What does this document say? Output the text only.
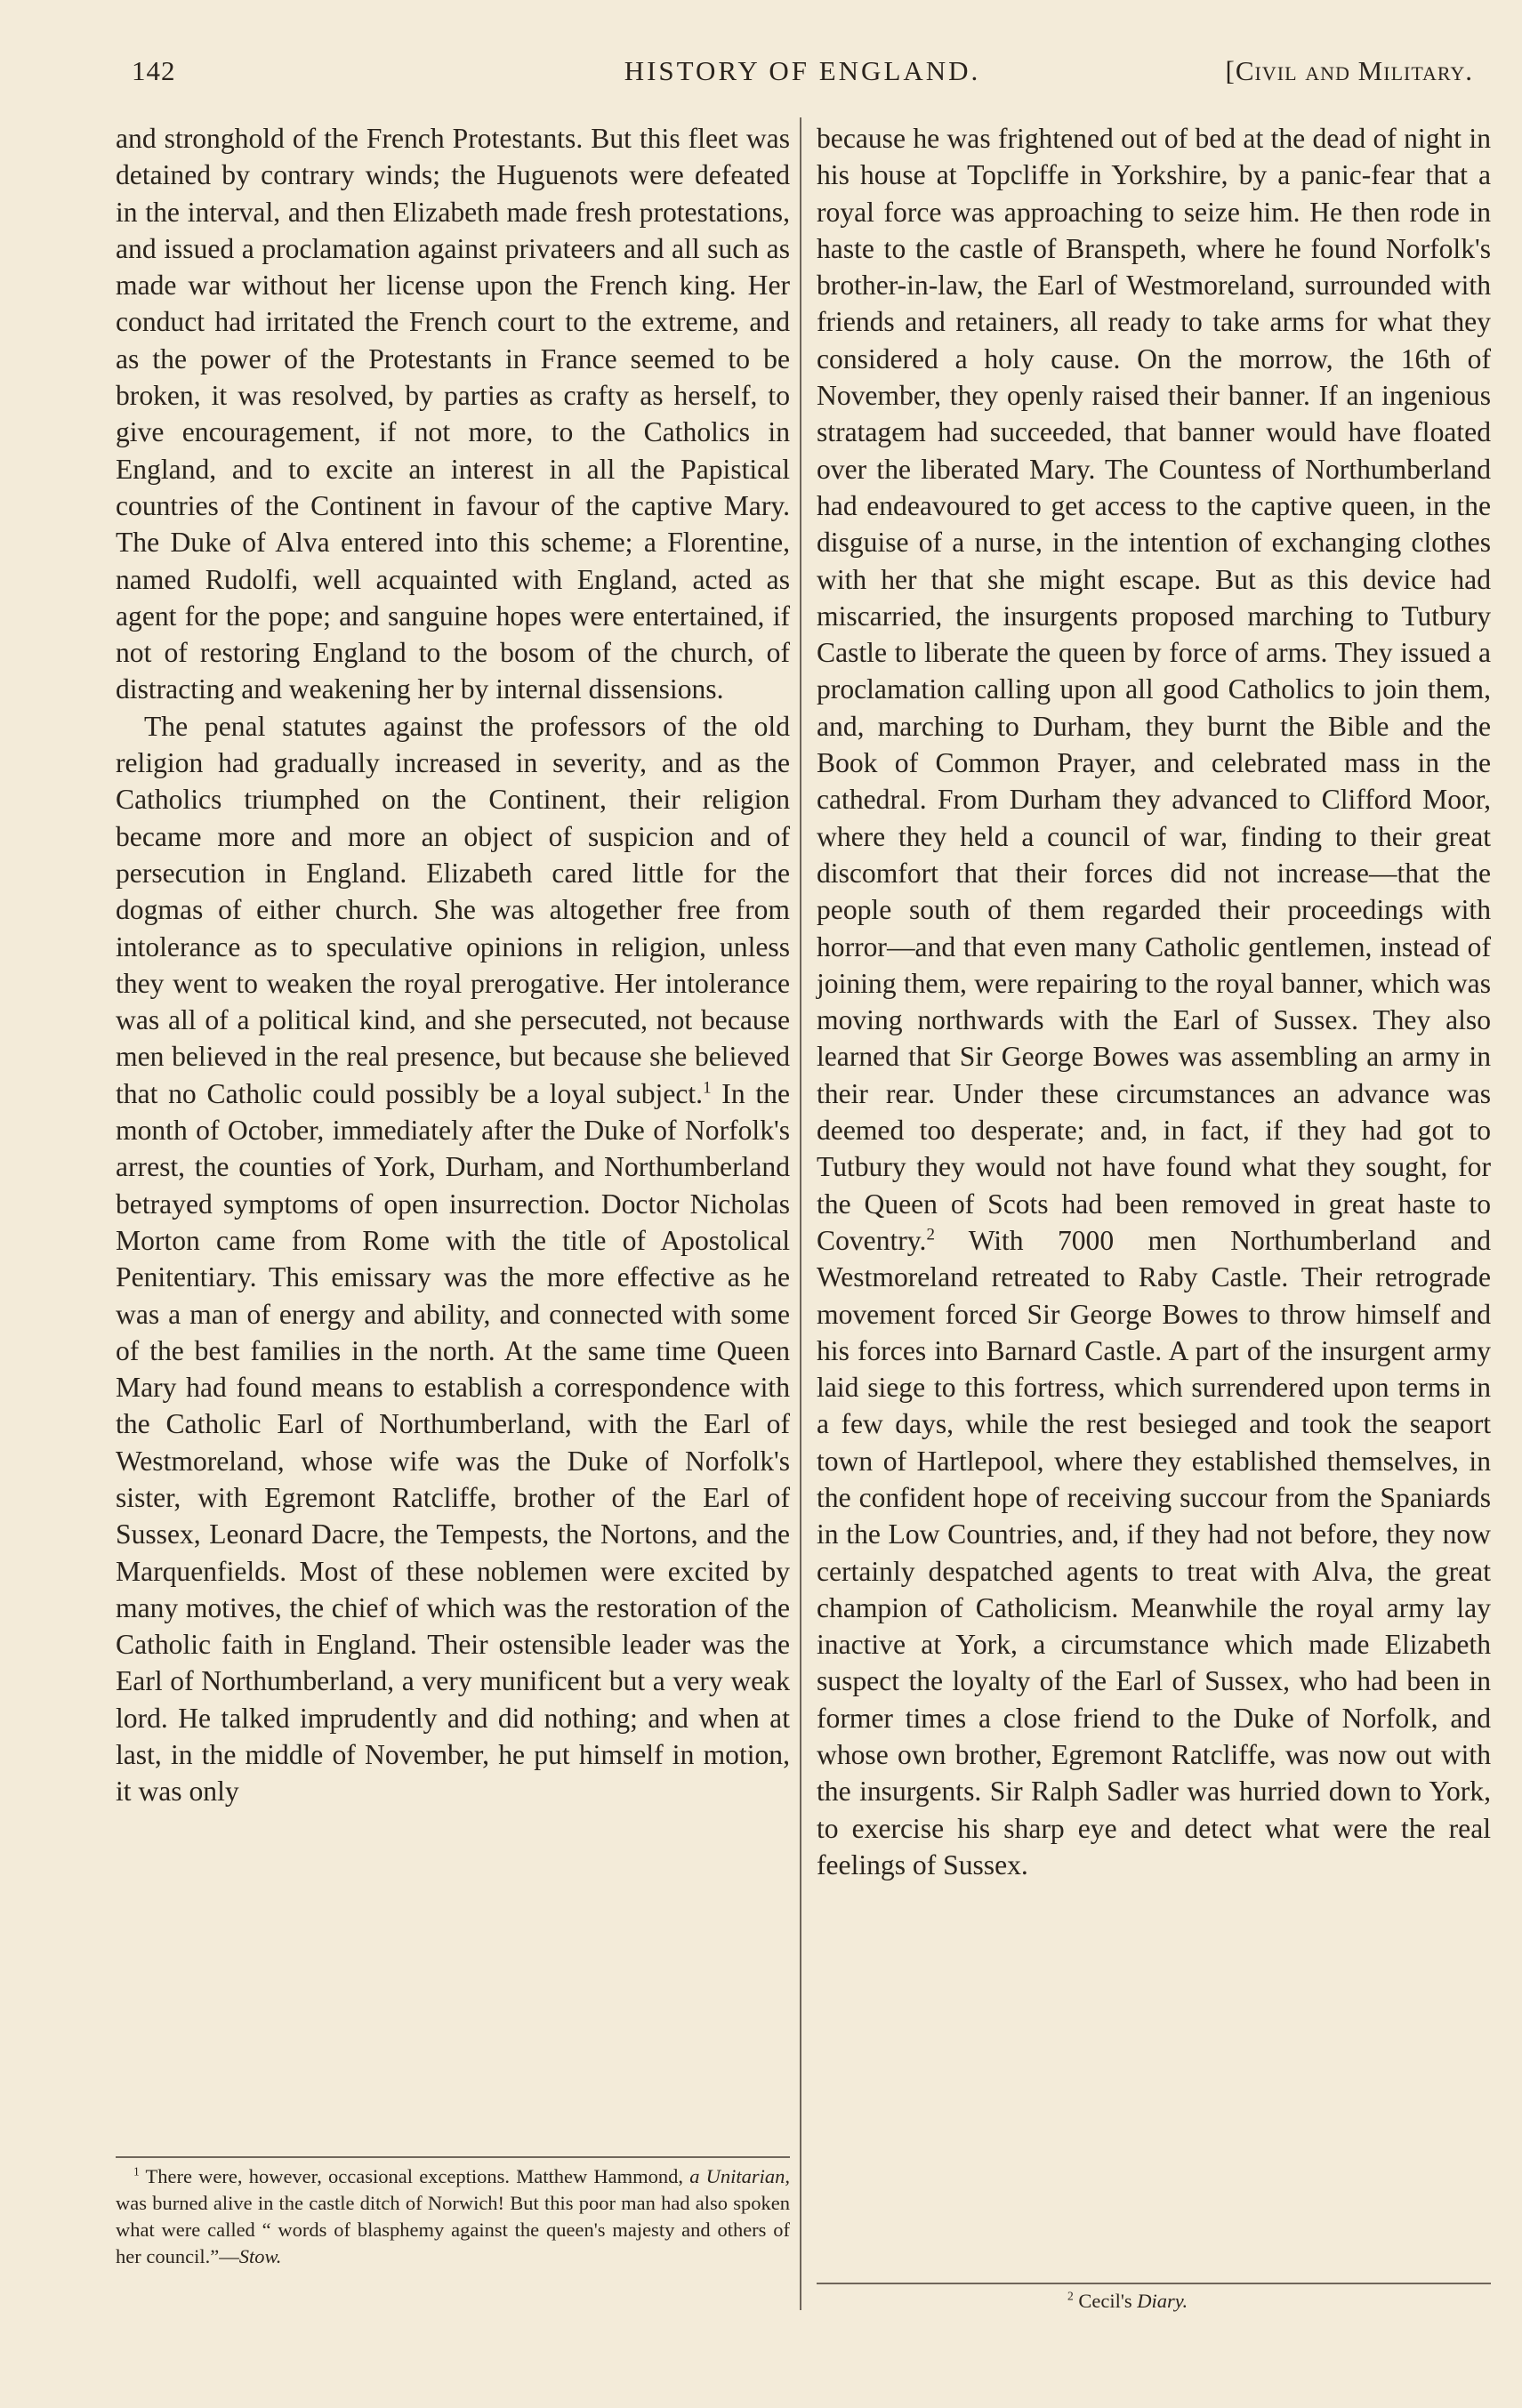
142	HISTORY OF ENGLAND.	[Civil and Military.

and stronghold of the French Protestants. But this fleet was detained by contrary winds; the Huguenots were defeated in the interval, and then Elizabeth made fresh protestations, and issued a proclamation against privateers and all such as made war without her license upon the French king. Her conduct had irritated the French court to the extreme, and as the power of the Protestants in France seemed to be broken, it was resolved, by parties as crafty as herself, to give encouragement, if not more, to the Catholics in England, and to excite an interest in all the Papistical countries of the Continent in favour of the captive Mary. The Duke of Alva entered into this scheme; a Florentine, named Rudolfi, well acquainted with England, acted as agent for the pope; and sanguine hopes were entertained, if not of restoring England to the bosom of the church, of distracting and weakening her by internal dissensions.

The penal statutes against the professors of the old religion had gradually increased in severity, and as the Catholics triumphed on the Continent, their religion became more and more an object of suspicion and of persecution in England. Elizabeth cared little for the dogmas of either church. She was altogether free from intolerance as to speculative opinions in religion, unless they went to weaken the royal prerogative. Her intolerance was all of a political kind, and she persecuted, not because men believed in the real presence, but because she believed that no Catholic could possibly be a loyal subject.$^1$ In the month of October, immediately after the Duke of Norfolk's arrest, the counties of York, Durham, and Northumberland betrayed symptoms of open insurrection. Doctor Nicholas Morton came from Rome with the title of Apostolical Penitentiary. This emissary was the more effective as he was a man of energy and ability, and connected with some of the best families in the north. At the same time Queen Mary had found means to establish a correspondence with the Catholic Earl of Northumberland, with the Earl of Westmoreland, whose wife was the Duke of Norfolk's sister, with Egremont Ratcliffe, brother of the Earl of Sussex, Leonard Dacre, the Tempests, the Nortons, and the Marquenfields. Most of these noblemen were excited by many motives, the chief of which was the restoration of the Catholic faith in England. Their ostensible leader was the Earl of Northumberland, a very munificent but a very weak lord. He talked imprudently and did nothing; and when at last, in the middle of November, he put himself in motion, it was only

because he was frightened out of bed at the dead of night in his house at Topcliffe in Yorkshire, by a panic-fear that a royal force was approaching to seize him. He then rode in haste to the castle of Branspeth, where he found Norfolk's brother-in-law, the Earl of Westmoreland, surrounded with friends and retainers, all ready to take arms for what they considered a holy cause. On the morrow, the 16th of November, they openly raised their banner. If an ingenious stratagem had succeeded, that banner would have floated over the liberated Mary. The Countess of Northumberland had endeavoured to get access to the captive queen, in the disguise of a nurse, in the intention of exchanging clothes with her that she might escape. But as this device had miscarried, the insurgents proposed marching to Tutbury Castle to liberate the queen by force of arms. They issued a proclamation calling upon all good Catholics to join them, and, marching to Durham, they burnt the Bible and the Book of Common Prayer, and celebrated mass in the cathedral. From Durham they advanced to Clifford Moor, where they held a council of war, finding to their great discomfort that their forces did not increase—that the people south of them regarded their proceedings with horror—and that even many Catholic gentlemen, instead of joining them, were repairing to the royal banner, which was moving northwards with the Earl of Sussex. They also learned that Sir George Bowes was assembling an army in their rear. Under these circumstances an advance was deemed too desperate; and, in fact, if they had got to Tutbury they would not have found what they sought, for the Queen of Scots had been removed in great haste to Coventry.$^2$ With 7000 men Northumberland and Westmoreland retreated to Raby Castle. Their retrograde movement forced Sir George Bowes to throw himself and his forces into Barnard Castle. A part of the insurgent army laid siege to this fortress, which surrendered upon terms in a few days, while the rest besieged and took the seaport town of Hartlepool, where they established themselves, in the confident hope of receiving succour from the Spaniards in the Low Countries, and, if they had not before, they now certainly despatched agents to treat with Alva, the great champion of Catholicism. Meanwhile the royal army lay inactive at York, a circumstance which made Elizabeth suspect the loyalty of the Earl of Sussex, who had been in former times a close friend to the Duke of Norfolk, and whose own brother, Egremont Ratcliffe, was now out with the insurgents. Sir Ralph Sadler was hurried down to York, to exercise his sharp eye and detect what were the real feelings of Sussex.

$^1$ There were, however, occasional exceptions. Matthew Hammond, a Unitarian, was burned alive in the castle ditch of Norwich! But this poor man had also spoken what were called “ words of blasphemy against the queen's majesty and others of her council.”—Stow.
$^2$ Cecil's Diary.
